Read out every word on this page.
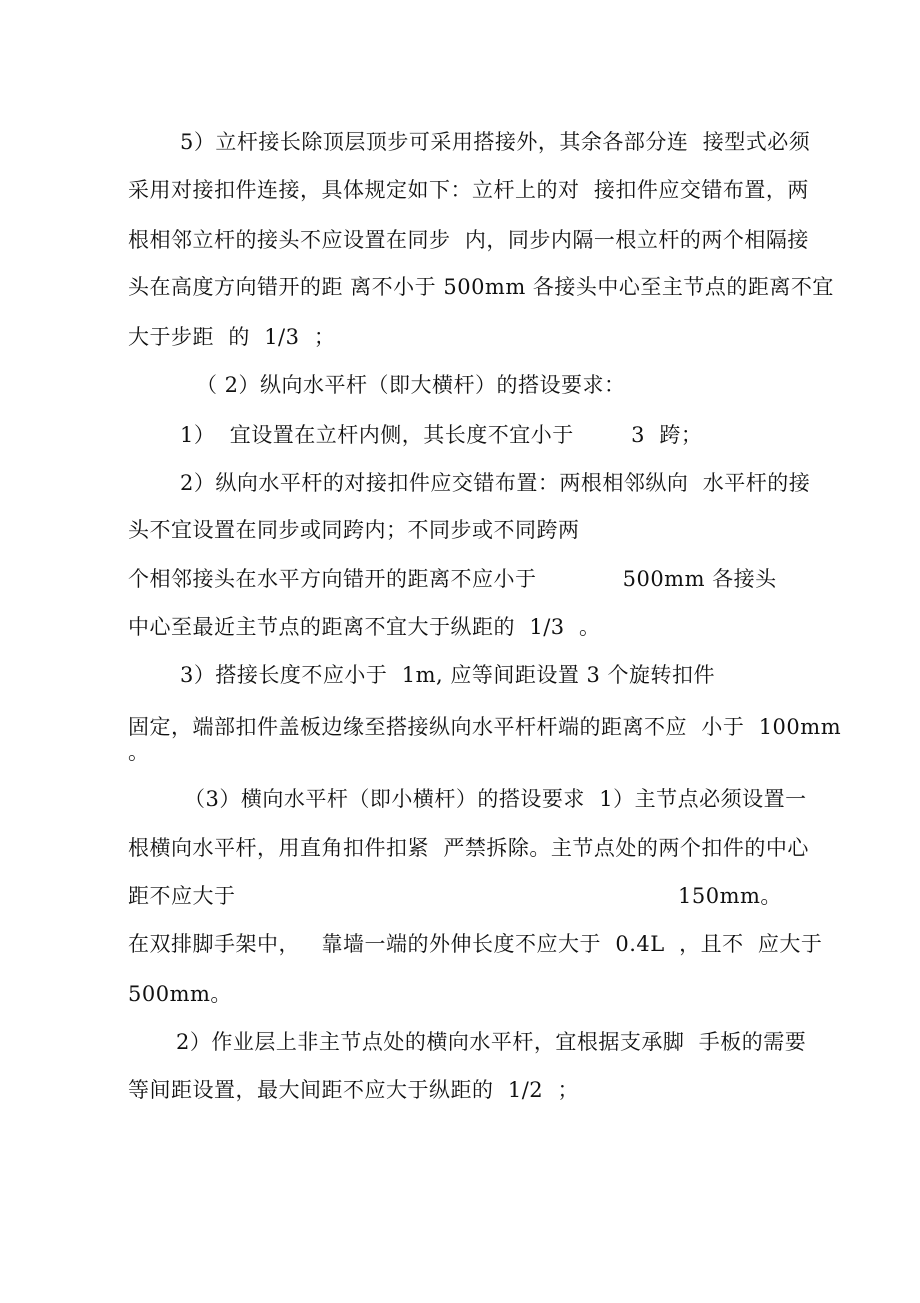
5）立杆接长除顶层顶步可采用搭接外，其余各部分连  接型式必须
采用对接扣件连接，具体规定如下：立杆上的对  接扣件应交错布置，两
根相邻立杆的接头不应设置在同步  内，同步内隔一根立杆的两个相隔接
头在高度方向错开的距 离不小于 500mm 各接头中心至主节点的距离不宜
大于步距  的  1/3  ；
（ 2）纵向水平杆（即大横杆）的搭设要求：
1）  宜设置在立杆内侧，其长度不宜小于        3  跨；
2）纵向水平杆的对接扣件应交错布置：两根相邻纵向  水平杆的接
头不宜设置在同步或同跨内；不同步或不同跨两
个相邻接头在水平方向错开的距离不应小于            500mm 各接头
中心至最近主节点的距离不宜大于纵距的  1/3  。
3）搭接长度不应小于  1m, 应等间距设置 3 个旋转扣件
固定，端部扣件盖板边缘至搭接纵向水平杆杆端的距离不应  小于  100mm
。
（3）横向水平杆（即小横杆）的搭设要求  1）主节点必须设置一
根横向水平杆，用直角扣件扣紧  严禁拆除。主节点处的两个扣件的中心
距不应大于	150mm。
在双排脚手架中，   靠墙一端的外伸长度不应大于  0.4L  ，且不  应大于
500mm。
2）作业层上非主节点处的横向水平杆，宜根据支承脚  手板的需要
等间距设置，最大间距不应大于纵距的  1/2  ；
